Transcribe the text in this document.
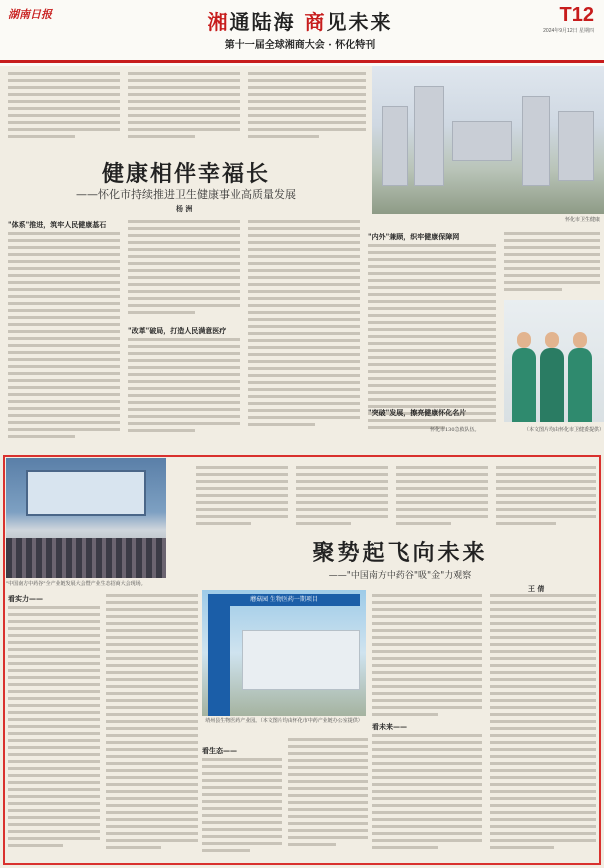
湖南日报	湘通陆海 商见未来
第十一届全球湘商大会 · 怀化特刊
T12
2024年9月12日 星期四
怀化市卫生健康
健康相伴幸福长
——怀化市持续推进卫生健康事业高质量发展
杨 洲
"体系"推进，筑牢人民健康基石
"改革"破局，打造人民满意医疗
"内外"兼顾，织牢健康保障网
"突破"发展，擦亮健康怀化名片
怀化市130急救队伍。	（本文图片均由怀化市卫健委提供）
"中国南方中药谷"全产业链发展大会暨产业生态招商大会现场。
聚势起飞向未来
——"中国南方中药谷"吸"金"力观察
王 倩
看实力——	蘑菇园 生物医药一期项目
靖州县生物医药产业园。（本文图片均由怀化市中药产业链办公室提供）
看生态——
看未来——
